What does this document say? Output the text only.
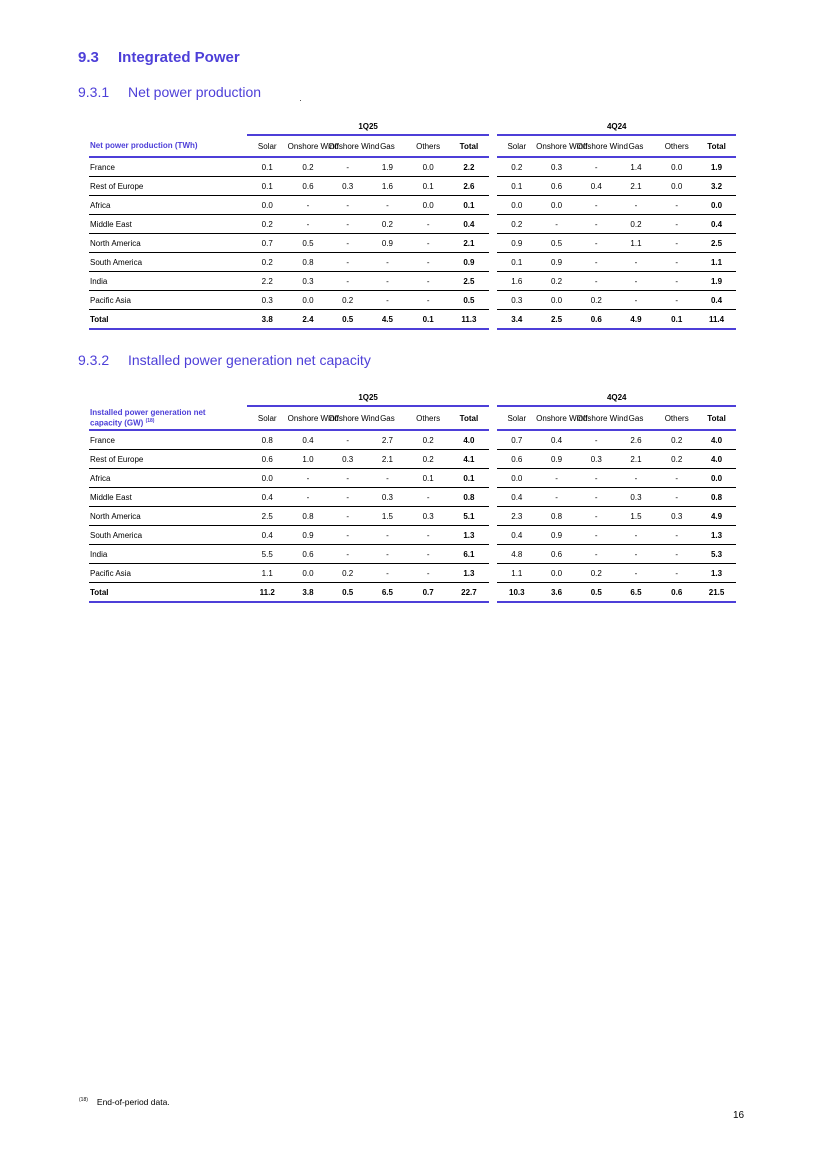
9.3 Integrated Power
9.3.1 Net power production
	1Q25							4Q24					
Net power production (TWh)	Solar	Onshore Wind	Offshore Wind	Gas	Others	Total		Solar	Onshore Wind	Offshore Wind	Gas	Others	Total
France	0.1	0.2	-	1.9	0.0	2.2		0.2	0.3	-	1.4	0.0	1.9
Rest of Europe	0.1	0.6	0.3	1.6	0.1	2.6		0.1	0.6	0.4	2.1	0.0	3.2
Africa	0.0	-	-	-	0.0	0.1		0.0	0.0	-	-	-	0.0
Middle East	0.2	-	-	0.2	-	0.4		0.2	-	-	0.2	-	0.4
North America	0.7	0.5	-	0.9	-	2.1		0.9	0.5	-	1.1	-	2.5
South America	0.2	0.8	-	-	-	0.9		0.1	0.9	-	-	-	1.1
India	2.2	0.3	-	-	-	2.5		1.6	0.2	-	-	-	1.9
Pacific Asia	0.3	0.0	0.2	-	-	0.5		0.3	0.0	0.2	-	-	0.4
Total	3.8	2.4	0.5	4.5	0.1	11.3		3.4	2.5	0.6	4.9	0.1	11.4
9.3.2 Installed power generation net capacity
	1Q25							4Q24					
Installed power generation net
capacity (GW) $^{(18)}$	Solar	Onshore Wind	Offshore Wind	Gas	Others	Total		Solar	Onshore Wind	Offshore Wind	Gas	Others	Total
France	0.8	0.4	-	2.7	0.2	4.0		0.7	0.4	-	2.6	0.2	4.0
Rest of Europe	0.6	1.0	0.3	2.1	0.2	4.1		0.6	0.9	0.3	2.1	0.2	4.0
Africa	0.0	-	-	-	0.1	0.1		0.0	-	-	-	-	0.0
Middle East	0.4	-	-	0.3	-	0.8		0.4	-	-	0.3	-	0.8
North America	2.5	0.8	-	1.5	0.3	5.1		2.3	0.8	-	1.5	0.3	4.9
South America	0.4	0.9	-	-	-	1.3		0.4	0.9	-	-	-	1.3
India	5.5	0.6	-	-	-	6.1		4.8	0.6	-	-	-	5.3
Pacific Asia	1.1	0.0	0.2	-	-	1.3		1.1	0.0	0.2	-	-	1.3
Total	11.2	3.8	0.5	6.5	0.7	22.7		10.3	3.6	0.5	6.5	0.6	21.5
$^{(18)}$ End-of-period data.
16
